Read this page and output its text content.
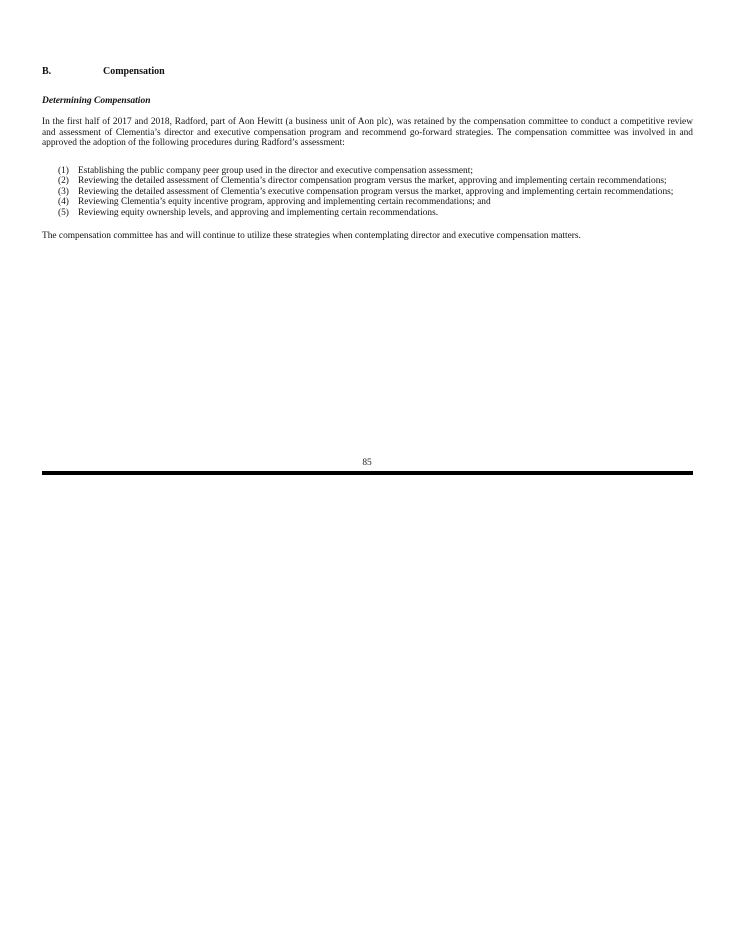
B.	Compensation
Determining Compensation

In the first half of 2017 and 2018, Radford, part of Aon Hewitt (a business unit of Aon plc), was retained by the compensation committee to conduct a competitive review and assessment of Clementia’s director and executive compensation program and recommend go-forward strategies. The compensation committee was involved in and approved the adoption of the following procedures during Radford’s assessment:

(1) Establishing the public company peer group used in the director and executive compensation assessment;
(2) Reviewing the detailed assessment of Clementia’s director compensation program versus the market, approving and implementing certain recommendations;
(3) Reviewing the detailed assessment of Clementia’s executive compensation program versus the market, approving and implementing certain recommendations;
(4) Reviewing Clementia’s equity incentive program, approving and implementing certain recommendations; and
(5) Reviewing equity ownership levels, and approving and implementing certain recommendations.

The compensation committee has and will continue to utilize these strategies when contemplating director and executive compensation matters.

85
